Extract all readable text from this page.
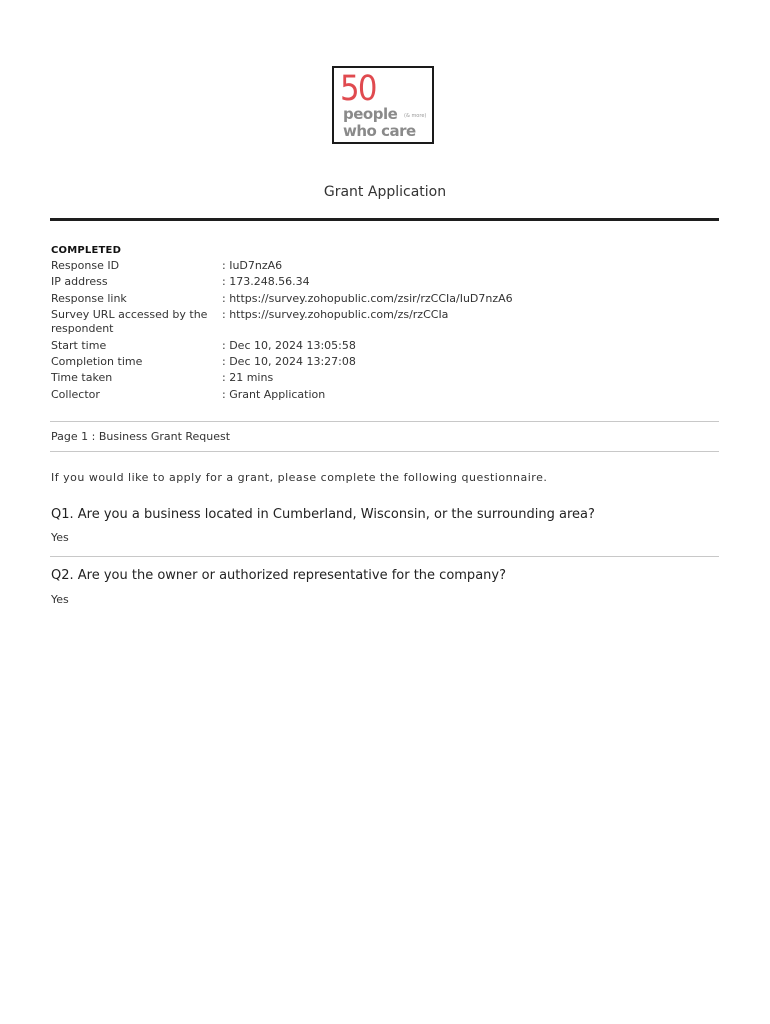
50
people (& more)
who care
Grant Application
COMPLETED
Response ID	: IuD7nzA6
IP address	: 173.248.56.34
Response link	: https://survey.zohopublic.com/zsir/rzCCIa/IuD7nzA6
Survey URL accessed by the respondent
: https://survey.zohopublic.com/zs/rzCCIa
Start time	: Dec 10, 2024 13:05:58
Completion time	: Dec 10, 2024 13:27:08
Time taken	: 21 mins
Collector	: Grant Application
Page 1 : Business Grant Request
If you would like to apply for a grant, please complete the following questionnaire.
Q1. Are you a business located in Cumberland, Wisconsin, or the surrounding area?
Yes
Q2. Are you the owner or authorized representative for the company?
Yes
